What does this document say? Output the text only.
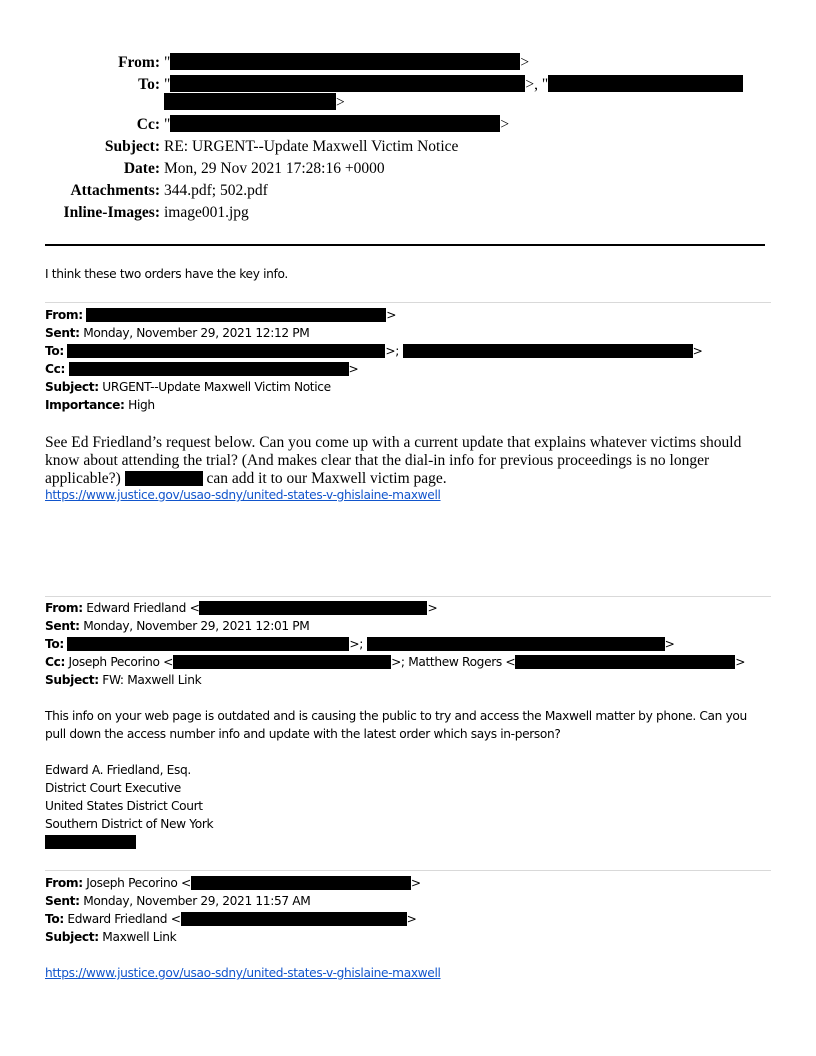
From: "	>
To: "	>, "
>
Cc: "	>
Subject: RE: URGENT--Update Maxwell Victim Notice
Date: Mon, 29 Nov 2021 17:28:16 +0000
Attachments: 344.pdf; 502.pdf
Inline-Images: image001.jpg
I think these two orders have the key info.
From:	>
Sent: Monday, November 29, 2021 12:12 PM
To:	>;	>
Cc:	>
Subject: URGENT--Update Maxwell Victim Notice
Importance: High
See Ed Friedland’s request below. Can you come up with a current update that explains whatever victims should know about attending the trial? (And makes clear that the dial-in info for previous proceedings is no longer applicable?)	can add it to our Maxwell victim page.
https://www.justice.gov/usao-sdny/united-states-v-ghislaine-maxwell
From: Edward Friedland <	>
Sent: Monday, November 29, 2021 12:01 PM
To:	>;	>
Cc: Joseph Pecorino <	>; Matthew Rogers <	>
Subject: FW: Maxwell Link
This info on your web page is outdated and is causing the public to try and access the Maxwell matter by phone. Can you
pull down the access number info and update with the latest order which says in-person?
Edward A. Friedland, Esq.
District Court Executive
United States District Court
Southern District of New York
From: Joseph Pecorino <	>
Sent: Monday, November 29, 2021 11:57 AM
To: Edward Friedland <	>
Subject: Maxwell Link
https://www.justice.gov/usao-sdny/united-states-v-ghislaine-maxwell
